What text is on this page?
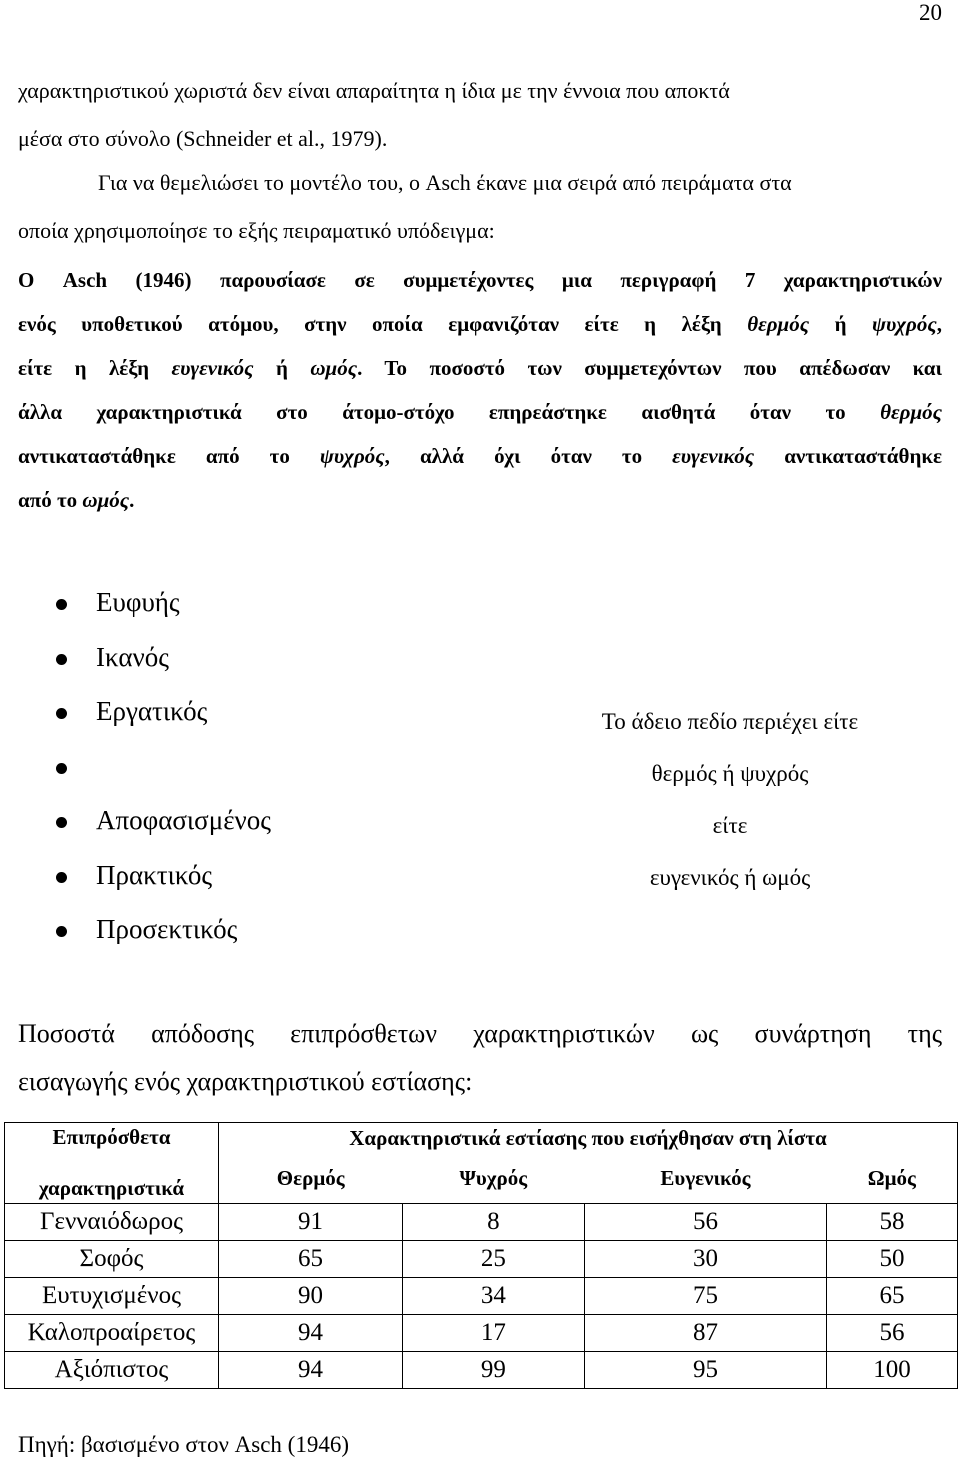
20
χαρακτηριστικού χωριστά δεν είναι απαραίτητα η ίδια με την έννοια που αποκτά
μέσα στο σύνολο (Schneider et al., 1979).
Για να θεμελιώσει το μοντέλο του, ο Asch έκανε μια σειρά από πειράματα στα
οποία χρησιμοποίησε το εξής πειραματικό υπόδειγμα:
Ο Asch (1946) παρουσίασε σε συμμετέχοντες μια περιγραφή 7 χαρακτηριστικών
ενός υποθετικού ατόμου, στην οποία εμφανιζόταν είτε η λέξη θερμός ή ψυχρός,
είτε η λέξη ευγενικός ή ωμός. Το ποσοστό των συμμετεχόντων που απέδωσαν και
άλλα χαρακτηριστικά στο άτομο-στόχο επηρεάστηκε αισθητά όταν το θερμός
αντικαταστάθηκε από το ψυχρός, αλλά όχι όταν το ευγενικός αντικαταστάθηκε
από το ωμός.
Ευφυής
Ικανός
Εργατικός
Αποφασισμένος
Πρακτικός
Προσεκτικός
Το άδειο πεδίο περιέχει είτε
θερμός ή ψυχρός
είτε
ευγενικός ή ωμός
Ποσοστά απόδοσης επιπρόσθετων χαρακτηριστικών ως συνάρτηση της
εισαγωγής ενός χαρακτηριστικού εστίασης:
Επιπρόσθετα
χαρακτηριστικά	Χαρακτηριστικά εστίασης που εισήχθησαν στη λίστα			
	Θερμός	Ψυχρός	Ευγενικός	Ωμός
Γενναιόδωρος	91	8	56	58
Σοφός	65	25	30	50
Ευτυχισμένος	90	34	75	65
Καλοπροαίρετος	94	17	87	56
Αξιόπιστος	94	99	95	100
Πηγή: βασισμένο στον Asch (1946)
